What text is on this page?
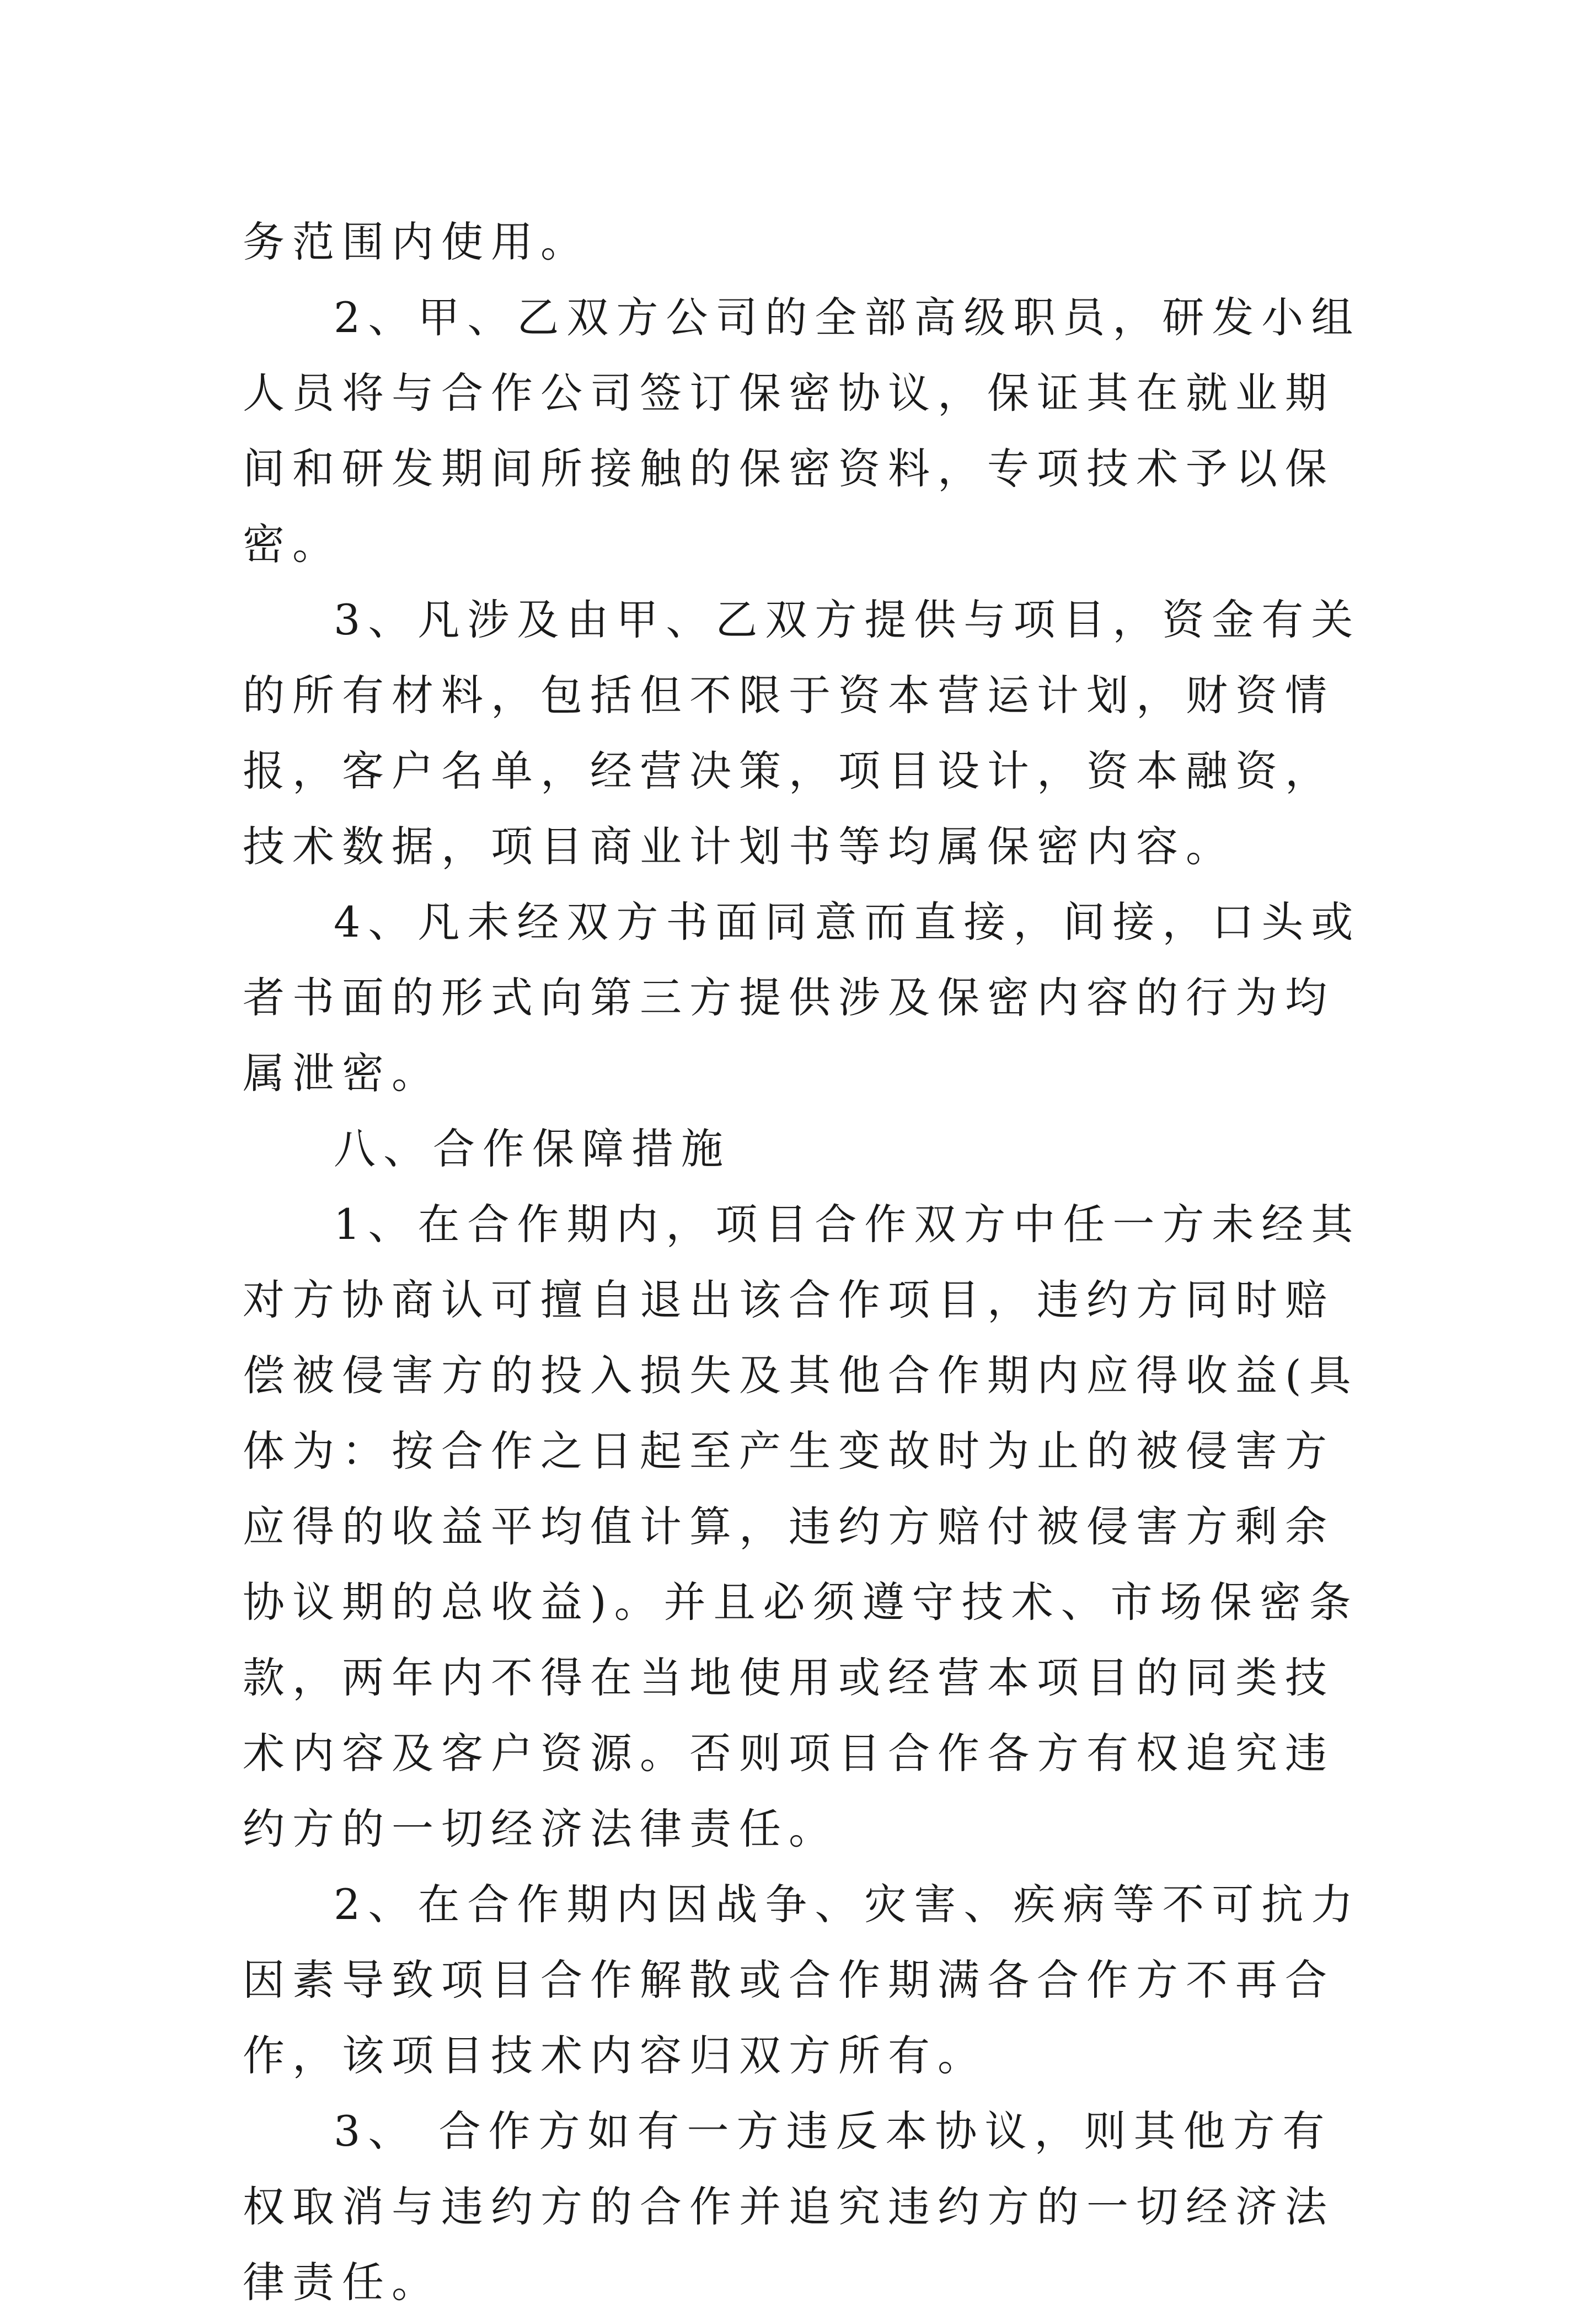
务范围内使用。

2、甲、乙双方公司的全部高级职员，研发小组人员将与合作公司签订保密协议，保证其在就业期间和研发期间所接触的保密资料，专项技术予以保密。

3、凡涉及由甲、乙双方提供与项目，资金有关的所有材料，包括但不限于资本营运计划，财资情报，客户名单，经营决策，项目设计，资本融资，技术数据，项目商业计划书等均属保密内容。

4、凡未经双方书面同意而直接，间接，口头或者书面的形式向第三方提供涉及保密内容的行为均属泄密。

八、合作保障措施

1、在合作期内，项目合作双方中任一方未经其对方协商认可擅自退出该合作项目，违约方同时赔偿被侵害方的投入损失及其他合作期内应得收益(具体为：按合作之日起至产生变故时为止的被侵害方应得的收益平均值计算，违约方赔付被侵害方剩余协议期的总收益)。并且必须遵守技术、市场保密条款，两年内不得在当地使用或经营本项目的同类技术内容及客户资源。否则项目合作各方有权追究违约方的一切经济法律责任。

2、在合作期内因战争、灾害、疾病等不可抗力因素导致项目合作解散或合作期满各合作方不再合作，该项目技术内容归双方所有。

3、 合作方如有一方违反本协议，则其他方有权取消与违约方的合作并追究违约方的一切经济法律责任。
